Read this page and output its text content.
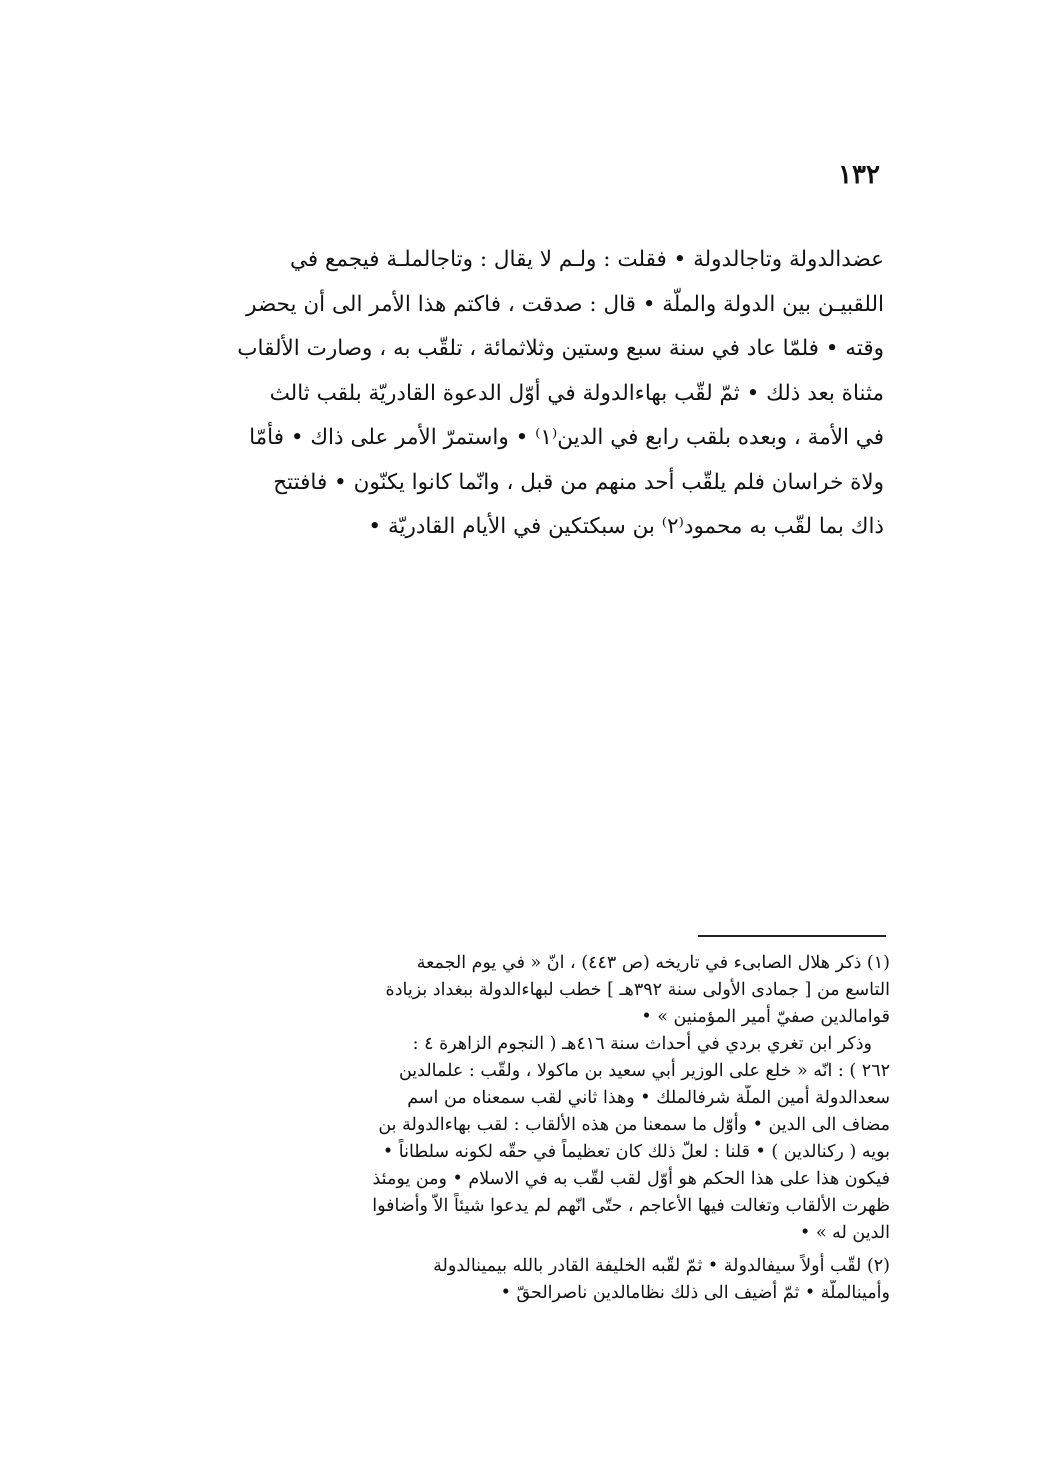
١٣٢
عضدالدولة وتاجالدولة • فقلت : ولـم لا يقال : وتاجالملـة فيجمع في
اللقبيـن بين الدولة والملّة • قال : صدقت ، فاكتم هذا الأمر الى أن يحضر
وقته • فلمّا عاد في سنة سبع وستين وثلاثمائة ، تلقّب به ، وصارت الألقاب
مثناة بعد ذلك • ثمّ لقّب بهاءالدولة في أوّل الدعوة القادريّة بلقب ثالث
في الأمة ، وبعده بلقب رابع في الدين⁽١⁾ • واستمرّ الأمر على ذاك • فأمّا
ولاة خراسان فلم يلقّب أحد منهم من قبل ، وانّما كانوا يكنّون • فافتتح
ذاك بما لقّب به محمود⁽٢⁾ بن سبكتكين في الأيام القادريّة •
(١) ذكر هلال الصابىء في تاريخه (ص ٤٤٣) ، انّ « في يوم الجمعة
التاسع من [ جمادى الأولى سنة ٣٩٢هـ ] خطب لبهاءالدولة ببغداد بزيادة
قوامالدين صفيّ أمير المؤمنين » •
وذكر ابن تغري بردي في أحداث سنة ٤١٦هـ ( النجوم الزاهرة ٤ :
٢٦٢ ) : انّه « خلع على الوزير أبي سعيد بن ماكولا ، ولقّب : علمالدين
سعدالدولة أمين الملّة شرفالملك • وهذا ثاني لقب سمعناه من اسم
مضاف الى الدين • وأوّل ما سمعنا من هذه الألقاب : لقب بهاءالدولة بن
بويه ( ركنالدين ) • قلنا : لعلّ ذلك كان تعظيماً في حقّه لكونه سلطاناً •
فيكون هذا على هذا الحكم هو أوّل لقب لقّب به في الاسلام • ومن يومئذ
ظهرت الألقاب وتغالت فيها الأعاجم ، حتّى انّهم لم يدعوا شيئاً الاّ وأضافوا
الدين له » •
(٢) لقّب أولاً سيفالدولة • ثمّ لقّبه الخليفة القادر بالله بيمينالدولة
وأمينالملّة • ثمّ أضيف الى ذلك نظامالدين ناصرالحقّ •
